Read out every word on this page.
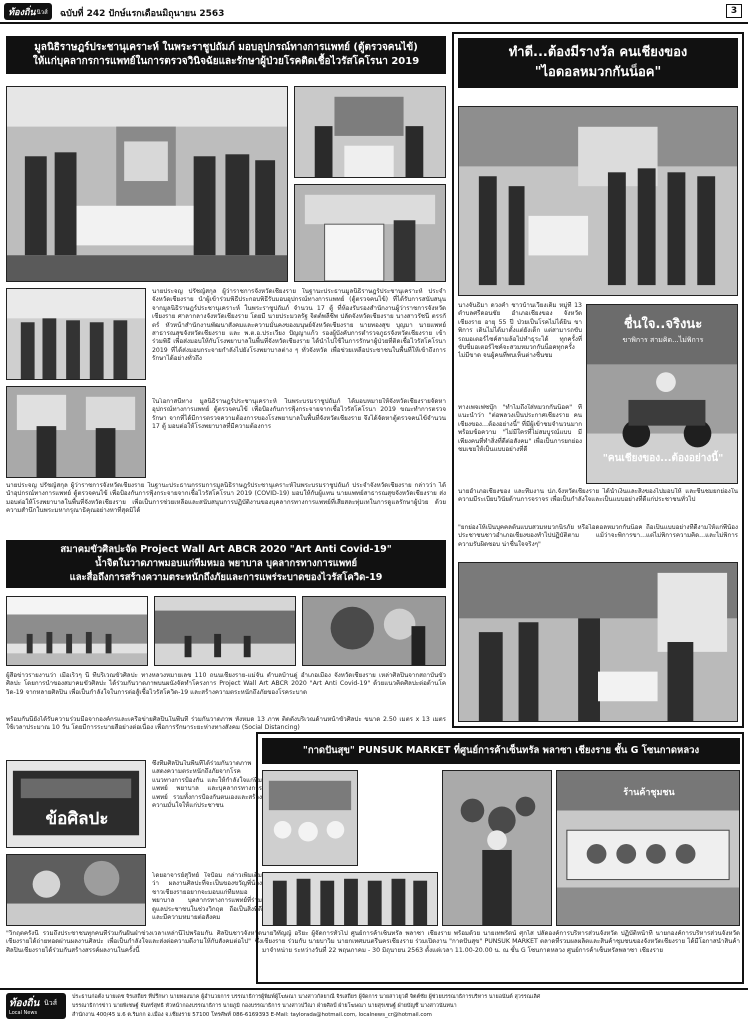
ท้องถิ่น นิวส์ ฉบับที่ 242 ปักษ์แรกเดือนมิถุนายน 2563	3
มูลนิธิราษฎร์ประชานุเคราะห์ ในพระราชูปถัมภ์ มอบอุปกรณ์ทางการแพทย์ (ตู้ตรวจคนไข้)
ให้แก่บุคลากรการแพทย์ในการตรวจวินิจฉัยและรักษาผู้ป่วยโรคติดเชื้อไวรัสโคโรนา 2019
นายประจญ ปรัชญ์สกุล ผู้ว่าราชการจังหวัดเชียงราย ในฐานะประธานมูลนิธิราษฎร์ประชานุเคราะห์ ประจำจังหวัดเชียงราย นำผู้เข้าร่วมพิธีประกอบพิธีรับมอบอุปกรณ์ทางการแพทย์ (ตู้ตรวจคนไข้) ที่ได้รับการสนับสนุนจากมูลนิธิราษฎร์ประชานุเคราะห์ ในพระราชูปถัมภ์ จำนวน 17 ตู้ ที่ห้องรับรองสำนักงานผู้ว่าราชการจังหวัดเชียงราย ศาลากลางจังหวัดเชียงราย โดยมี นายประมวลรัฐ จิตต์พลีชีพ ปลัดจังหวัดเชียงราย นางสาวรัชนี ตรรกัตร์ หัวหน้าสำนักงานพัฒนาสังคมและความมั่นคงของมนุษย์จังหวัดเชียงราย นายทองสุข บุญมา นายแพทย์สาธารณสุขจังหวัดเชียงราย และ พ.ต.อ.ประเวียง ปัญญาแก้ว รองผู้บังคับการตำรวจภูธรจังหวัดเชียงราย เข้าร่วมพิธี เพื่อส่งมอบให้กับโรงพยาบาลในพื้นที่จังหวัดเชียงราย ได้นำไปใช้ในการรักษาผู้ป่วยที่ติดเชื้อไวรัสโคโรนา 2019 ที่ได้ส่งมอบกระจายกำลังไปยังโรงพยาบาลต่าง ๆ ทั่วจังหวัด เพื่อช่วยเหลือประชาชนในพื้นที่ให้เข้าถึงการรักษาได้อย่างทั่วถึง
ในโอกาสนี้ทาง มูลนิธิราษฎร์ประชานุเคราะห์ ในพระบรมราชูปถัมภ์ ได้มอบหมายให้จังหวัดเชียงรายจัดหาอุปกรณ์ทางการแพทย์ ตู้ตรวจคนไข้ เพื่อป้องกันการฟุ้งกระจายจากเชื้อไวรัสโคโรนา 2019 ขณะทำการตรวจรักษา จากที่ได้มีการตรวจความต้องการของโรงพยาบาลในพื้นที่จังหวัดเชียงราย จึงได้จัดหาตู้ตรวจคนไข้จำนวน 17 ตู้ มอบต่อให้โรงพยาบาลที่มีความต้องการ
นายประจญ ปรัชญ์สกุล ผู้ว่าราชการจังหวัดเชียงราย ในฐานะประธานกรรมการมูลนิธิราษฎร์ประชานุเคราะห์ในพระบรมราชูปถัมภ์ ประจำจังหวัดเชียงราย กล่าวว่า ได้นำอุปกรณ์ทางการแพทย์ ตู้ตรวจคนไข้ เพื่อป้องกันการฟุ้งกระจายจากเชื้อไวรัสโคโรนา 2019 (COVID-19) มอบให้กับผู้แทน นายแพทย์สาธารณสุขจังหวัดเชียงราย ส่งมอบต่อให้โรงพยาบาลในพื้นที่จังหวัดเชียงราย เพื่อเป็นการช่วยเหลือและสนับสนุนการปฏิบัติงานของบุคลากรทางการแพทย์ที่เสียสละทุ่มเทในการดูแลรักษาผู้ป่วย ด้วยความสำนึกในพระมหากรุณาธิคุณอย่างหาที่สุดมิได้
สมาคมขัวศิลปะจัด Project Wall Art ABCR 2020 "Art Anti Covid-19"
น้ำจิตในวาดภาพมอบแก่ทีมหมอ พยาบาล บุคลากรทางการแพทย์
และสื่อถึงการสร้างความตระหนักถึงภัยและการแพร่ระบาดของไวรัสโควิด-19
ผู้สื่อข่าวรายงานว่า เมื่อเร็วๆ นี้ ที่บริเวณขัวศิลปะ ทางหลวงหมายเลข 110 ถนนเชียงราย-แม่จัน ตำบลบ้านดู่ อำเภอเมือง จังหวัดเชียงราย เหล่าศิลปินจากสถาบันขัวศิลปะ โดยการนำของสมาคมขัวศิลปะ ได้ร่วมกันวาดภาพบนผนังจัดทำโครงการ Project Wall Art ABCR 2020 "Art Anti Covid-19" ด้วยแนวคิดศิลปะต่อต้านโควิด-19 จากหลายศิลปิน เพื่อเป็นกำลังใจในการต่อสู้เชื้อไวรัสโควิด-19 และสร้างความตระหนักถึงภัยของโรคระบาด
พร้อมกันนี้ยังได้รับความร่วมมือจากองค์กรและเครือข่ายศิลปินในพื้นที่ ร่วมกันวาดภาพ ทั้งหมด 13 ภาพ ติดตั้งบริเวณด้านหน้าขัวศิลปะ ขนาด 2.50 เมตร x 13 เมตร ใช้เวลาประมาณ 10 วัน โดยมีการระบายสีอย่างต่อเนื่อง เพื่อการรักษาระยะห่างทางสังคม (Social Distancing)
ข้อศิลปะ
ซึ่งทีมศิลปินในพื้นที่ได้ร่วมกันวาดภาพแสดงความตระหนักถึงภัยจากโรค แนวทางการป้องกัน และให้กำลังใจแก่ทีมแพทย์ พยาบาล และบุคลากรทางการแพทย์ รวมทั้งการป้องกันตนเองและสร้างความมั่นใจให้แก่ประชาชน
โดยอาจารย์สุวิทย์ ใจป้อม กล่าวเพิ่มเติมว่า ผลงานศิลปะที่จะเป็นของขวัญพี่น้องชาวเชียงรายอยากจะมอบแก่ทีมหมอ พยาบาล บุคลากรทางการแพทย์ที่ร่วมดูแลประชาชนในช่วงวิกฤต ถือเป็นสิ่งที่ดีและมีความหมายต่อสังคม
"วิกฤตครั้งนี้ รวมถึงประชาชนทุกคนที่ร่วมกันฝันฝ่าช่วงเวลาเหล่านี้ไปพร้อมกัน ศิลปินชาวจังหวัดเชียงรายได้ถ่ายทอดผ่านผลงานศิลปะ เพื่อเป็นกำลังใจและส่งต่อความดีงามให้กับสังคมต่อไป" ซึ่งศิลปินเชียงรายได้ร่วมกันสร้างสรรค์ผลงานในครั้งนี้
ทำดี...ต้องมีรางวัล คนเชียงของ
"ไอดอลหมวกกันน็อค"
นางจันธิมา ดวงคำ ชาวบ้านเวียงเดิม หมู่ที่ 13 ตำบลศรีดอนชัย อำเภอเชียงของ จังหวัดเชียงราย อายุ 55 ปี ป่วยเป็นโรคไม่ได้ยิน ขาพิการ เดินไม่ได้มาตั้งแต่ยังเด็ก แต่สามารถขับรถมอเตอร์ไซค์สามล้อไปทำธุระได้ ทุกครั้งที่ขับขี่มอเตอร์ไซค์จะสวมหมวกกันน็อคทุกครั้งไม่มีขาด จนผู้คนที่พบเห็นต่างชื่นชม
ทางเพจเฟซบุ๊ก "ทำไมถึงใส่หมวกกันน็อค" ที่แนะนำว่า "ต่อพลวงเป็นประกาศเชียงราย คนเชียงของ…ต้องอย่างนี้" ที่มีผู้เข้าชมจำนวนมาก พร้อมข้อความ "ไม่มีใครที่ไม่สมบูรณ์แบบ มีเพียงคนที่ทำสิ่งที่ดีต่อสังคม" เพื่อเป็นการยกย่องชมเชยให้เป็นแบบอย่างที่ดี
ชื่นใจ..จริงนะ
ขาพิการ สามคิด...ไม่พิการ
"คนเชียงของ...ต้องอย่างนี้"
นายอำเภอเชียงของ และทีมงาน ปภ.จังหวัดเชียงราย ได้นำเงินและสิ่งของไปมอบให้ และชื่นชมยกย่องในความมีระเบียบวินัยด้านการจราจร เพื่อเป็นกำลังใจและเป็นแบบอย่างที่ดีแก่ประชาชนทั่วไป
"ยกย่องให้เป็นบุคคลต้นแบบสวมหมวกนิรภัย หรือไอดอลหมวกกันน็อค ถือเป็นแบบอย่างที่ดีงามให้แก่พี่น้องประชาชนชาวอำเภอเชียงของทำไปปฏิบัติตาม แม้ว่าจะพิการขา...แต่ไม่พิการความคิด...และไม่พิการความรับผิดชอบ น่าชื่นใจจริงๆ"
"กาดปันสุข" PUNSUK MARKET ที่ศูนย์การค้าเซ็นทรัล พลาซา เชียงราย ชั้น G โซนกาดหลวง
ร้านค้าชุมชน
นายวิทัญญ์ อริยะ ผู้จัดการทั่วไป ศูนย์การค้าเซ็นทรัล พลาซา เชียงราย พร้อมด้วย นายเทพรัตน์ ศุกไส ปลัดองค์การบริหารส่วนจังหวัด ปฏิบัติหน้าที่ นายกองค์การบริหารส่วนจังหวัดเชียงราย ร่วมกับ นายบาวิม นายกเทศมนตรีนครเชียงราย ร่วมเปิดงาน "กาดปันสุข" PUNSUK MARKET ตลาดที่รวมผลผลิตและสินค้าชุมชนของจังหวัดเชียงราย ได้มีโอกาสนำสินค้ามาจำหน่าย ระหว่างวันที่ 22 พฤษภาคม - 30 มิถุนายน 2563 ตั้งแต่เวลา 11.00-20.00 น. ณ ชั้น G โซนกาดหลวง ศูนย์การค้าเซ็นทรัลพลาซา เชียงราย
ท้องถิ่น นิวส์
Local News
ประธานก่อตั้ง นายเดช จิรเสถียร ที่ปรึกษา นายทองนาค ผู้อำนวยการ บรรณาธิการผู้พิมพ์ผู้โฆษณา นางสาวกัลยาณี จิรเสถียร ผู้จัดการ นายสาวยุวดี จิตต์ชัย ผู้ช่วยบรรณาธิการบริหาร นายอนันต์ สุวรรณเลิศ
บรรณาธิการข่าว นายพิเชษฐ์ จันทร์สุทธิ หัวหน้ากองบรรณาธิการ นายภูมิ กองบรรณาธิการ นางสาวปวีณา ฝ่ายศิลป์ ฝ่ายโฆษณา นายสุรเชษฐ์ ฝ่ายบัญชี นางสาวนันทนา
สำนักงาน 400/45 ม.6 ต.ริมกก อ.เมือง จ.เชียงราย 57100 โทรศัพท์ 086-6169393 E-Mail: taylorada@hotmail.com, localnews_cr@hotmail.com
